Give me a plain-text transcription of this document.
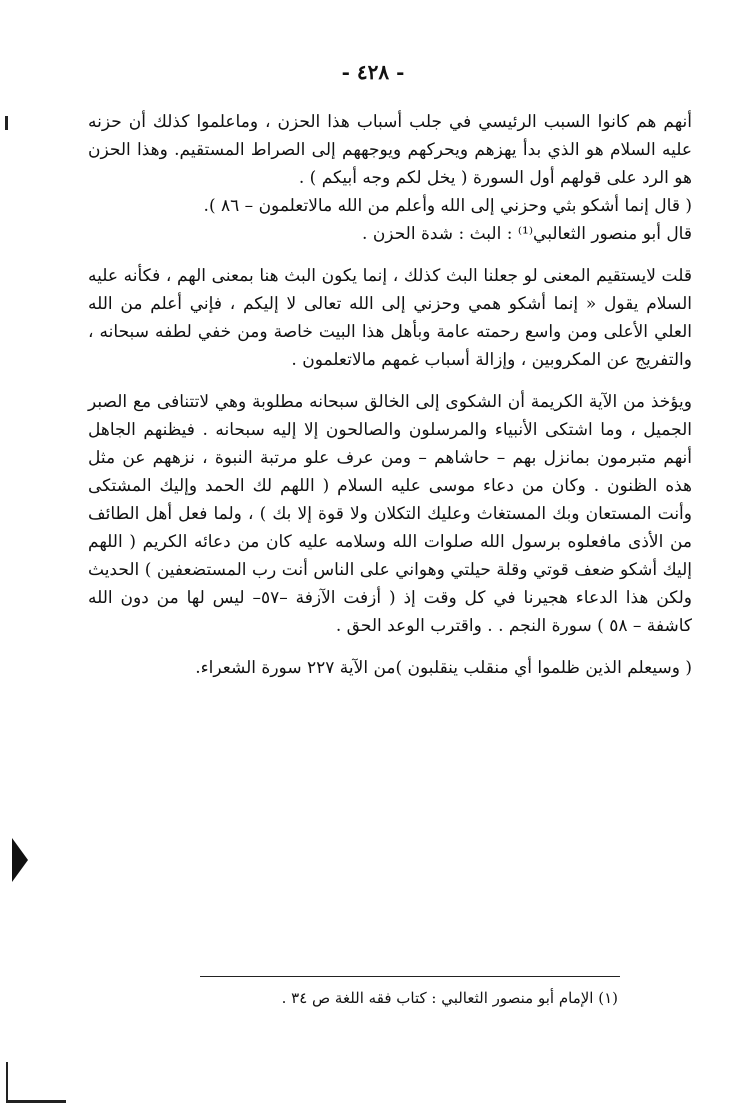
- ٤٢٨ -

أنهم هم كانوا السبب الرئيسي في جلب أسباب هذا الحزن ، وماعلموا كذلك أن حزنه عليه السلام هو الذي بدأ يهزهم ويحركهم ويوجههم إلى الصراط المستقيم. وهذا الحزن هو الرد على قولهم أول السورة ( يخل لكم وجه أبيكم ) .

( قال إنما أشكو بثي وحزني إلى الله وأعلم من الله مالاتعلمون – ٨٦ ).

قال أبو منصور الثعالبي⁽¹⁾ : البث : شدة الحزن .

قلت لايستقيم المعنى لو جعلنا البث كذلك ، إنما يكون البث هنا بمعنى الهم ، فكأنه عليه السلام يقول « إنما أشكو همي وحزني إلى الله تعالى لا إليكم ، فإني أعلم من الله العلي الأعلى ومن واسع رحمته عامة وبأهل هذا البيت خاصة ومن خفي لطفه سبحانه ، والتفريج عن المكروبين ، وإزالة أسباب غمهم مالاتعلمون .

ويؤخذ من الآية الكريمة أن الشكوى إلى الخالق سبحانه مطلوبة وهي لاتتنافى مع الصبر الجميل ، وما اشتكى الأنبياء والمرسلون والصالحون إلا إليه سبحانه . فيظنهم الجاهل أنهم متبرمون بمانزل بهم – حاشاهم – ومن عرف علو مرتبة النبوة ، نزههم عن مثل هذه الظنون . وكان من دعاء موسى عليه السلام ( اللهم لك الحمد وإليك المشتكى وأنت المستعان وبك المستغاث وعليك التكلان ولا قوة إلا بك ) ، ولما فعل أهل الطائف من الأذى مافعلوه برسول الله صلوات الله وسلامه عليه كان من دعائه الكريم ( اللهم إليك أشكو ضعف قوتي وقلة حيلتي وهواني على الناس أنت رب المستضعفين ) الحديث ولكن هذا الدعاء هجيرنا في كل وقت إذ ( أزفت الآزفة –٥٧– ليس لها من دون الله كاشفة – ٥٨ ) سورة النجم . . واقترب الوعد الحق .

( وسيعلم الذين ظلموا أي منقلب ينقلبون )من الآية ٢٢٧ سورة الشعراء.

(١) الإمام أبو منصور الثعالبي : كتاب فقه اللغة ص ٣٤ .
